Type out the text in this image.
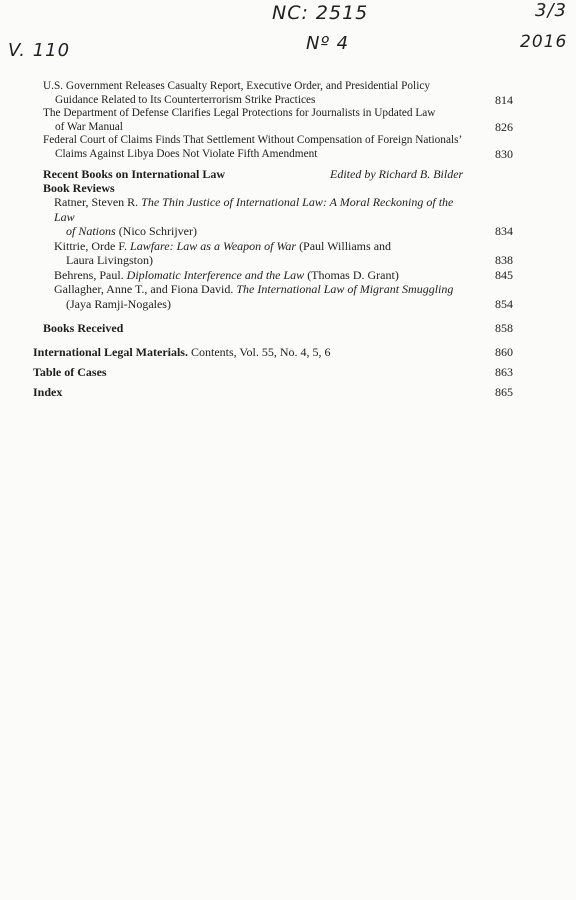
NC: 2515
Nº 4
V. 110
3/3
2016
U.S. Government Releases Casualty Report, Executive Order, and Presidential Policy
Guidance Related to Its Counterterrorism Strike Practices	814
The Department of Defense Clarifies Legal Protections for Journalists in Updated Law
of War Manual	826
Federal Court of Claims Finds That Settlement Without Compensation of Foreign Nationals’
Claims Against Libya Does Not Violate Fifth Amendment	830
Recent Books on International Law	Edited by Richard B. Bilder
Book Reviews
Ratner, Steven R. The Thin Justice of International Law: A Moral Reckoning of the Law
of Nations (Nico Schrijver)	834
Kittrie, Orde F. Lawfare: Law as a Weapon of War (Paul Williams and
Laura Livingston)	838
Behrens, Paul. Diplomatic Interference and the Law (Thomas D. Grant)	845
Gallagher, Anne T., and Fiona David. The International Law of Migrant Smuggling
(Jaya Ramji-Nogales)	854
Books Received	858
International Legal Materials. Contents, Vol. 55, No. 4, 5, 6	860
Table of Cases	863
Index	865
